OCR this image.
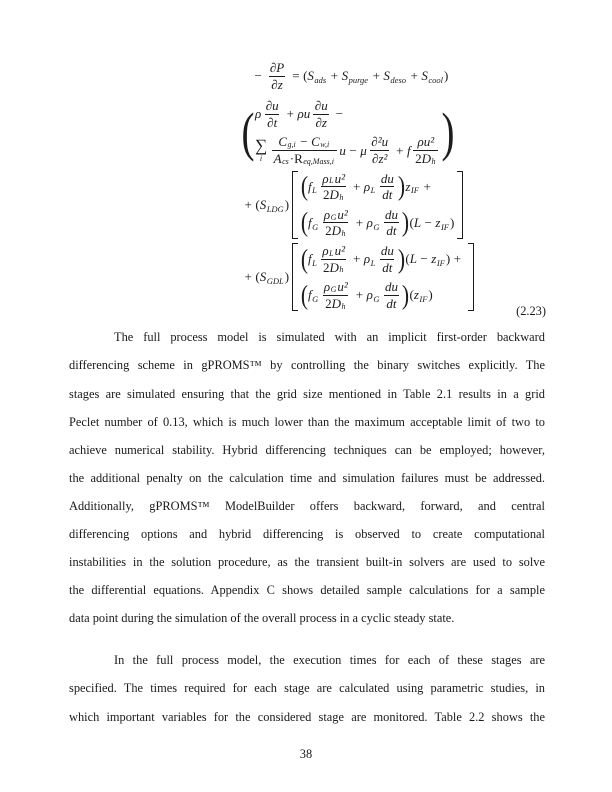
− $\frac{\partial P}{\partial z}$ = ( S ads + S purge + S deso + S cool )
( ρ $\frac{\partial u}{\partial t} + \rho u \frac{\partial u}{\partial z}$ −
∑
i $\frac{\text{C g,i − C w,i}}{\text{A cs · R eq,Mass,i}}$ u − μ $\frac{\text{∂²u}}{\text{∂z²}} + f \frac{\text{ρu²}}{\text{2 D h}}$ )
+ ( S LDG )
( f L $\frac{\text{ρ L u²}}{\text{2 D h}} + \rho$ L $\frac{du}{dt}$ ) z IF +
( f G $\frac{\text{ρ G u²}}{\text{2 D h}} + \rho$ G $\frac{du}{dt}$ ) ( L − z IF )
+ ( S GDL )
( f L $\frac{\text{ρ L u²}}{\text{2 D h}} + \rho$ L $\frac{du}{dt}$ ) ( L − z IF ) +
( f G $\frac{\text{ρ G u²}}{\text{2 D h}} + \rho$ G $\frac{du}{dt}$ ) ( z IF )
(2.23)
The full process model is simulated with an implicit first-order backward
differencing scheme in gPROMS™ by controlling the binary switches explicitly. The
stages are simulated ensuring that the grid size mentioned in Table 2.1 results in a grid
Peclet number of 0.13, which is much lower than the maximum acceptable limit of two to
achieve numerical stability. Hybrid differencing techniques can be employed; however,
the additional penalty on the calculation time and simulation failures must be addressed.
Additionally, gPROMS™ ModelBuilder offers backward, forward, and central
differencing options and hybrid differencing is observed to create computational
instabilities in the solution procedure, as the transient built-in solvers are used to solve
the differential equations. Appendix C shows detailed sample calculations for a sample
data point during the simulation of the overall process in a cyclic steady state.
In the full process model, the execution times for each of these stages are
specified. The times required for each stage are calculated using parametric studies, in
which important variables for the considered stage are monitored. Table 2.2 shows the
38
